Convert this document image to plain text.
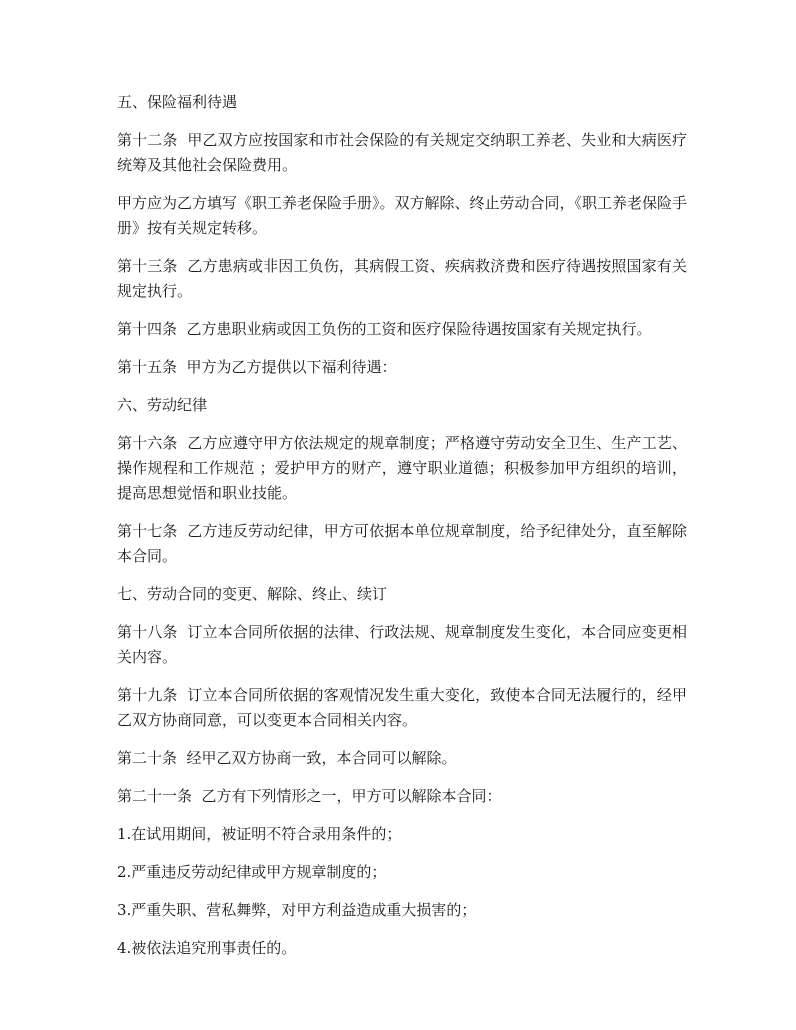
五、保险福利待遇

第十二条  甲乙双方应按国家和市社会保险的有关规定交纳职工养老、失业和大病医疗统筹及其他社会保险费用。

甲方应为乙方填写《职工养老保险手册》。双方解除、终止劳动合同，《职工养老保险手册》按有关规定转移。

第十三条  乙方患病或非因工负伤，其病假工资、疾病救济费和医疗待遇按照国家有关规定执行。

第十四条  乙方患职业病或因工负伤的工资和医疗保险待遇按国家有关规定执行。

第十五条  甲方为乙方提供以下福利待遇：

六、劳动纪律

第十六条  乙方应遵守甲方依法规定的规章制度；严格遵守劳动安全卫生、生产工艺、操作规程和工作规范 ；爱护甲方的财产，遵守职业道德；积极参加甲方组织的培训，提高思想觉悟和职业技能。

第十七条  乙方违反劳动纪律，甲方可依据本单位规章制度，给予纪律处分，直至解除本合同。

七、劳动合同的变更、解除、终止、续订

第十八条  订立本合同所依据的法律、行政法规、规章制度发生变化，本合同应变更相关内容。

第十九条  订立本合同所依据的客观情况发生重大变化，致使本合同无法履行的，经甲乙双方协商同意，可以变更本合同相关内容。

第二十条  经甲乙双方协商一致，本合同可以解除。

第二十一条  乙方有下列情形之一，甲方可以解除本合同：

1.在试用期间，被证明不符合录用条件的；

2.严重违反劳动纪律或甲方规章制度的；

3.严重失职、营私舞弊，对甲方利益造成重大损害的；

4.被依法追究刑事责任的。
